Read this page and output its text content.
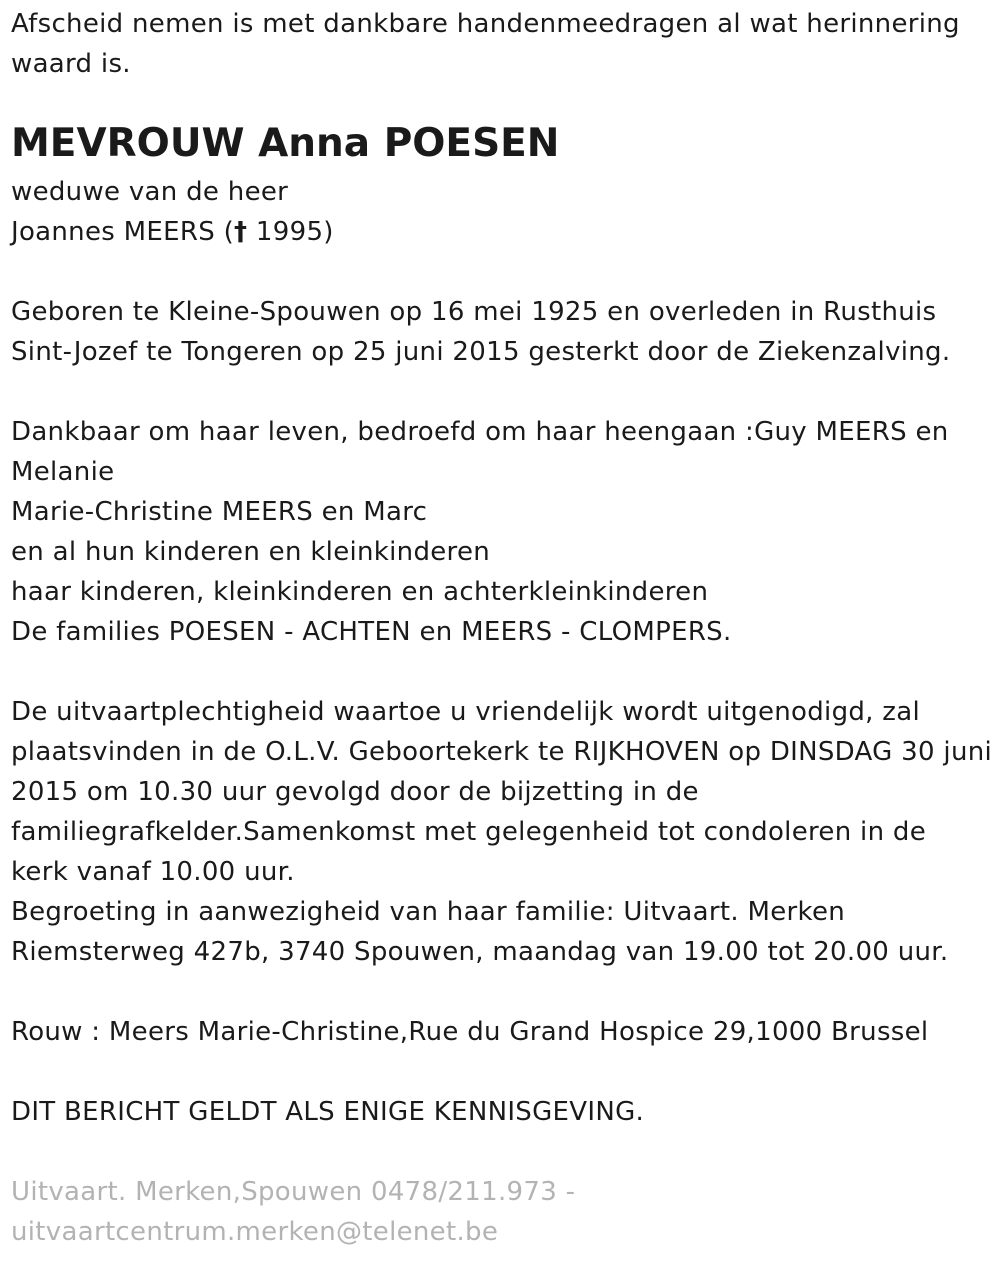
Afscheid nemen is met dankbare handenmeedragen al wat herinnering
waard is.
MEVROUW Anna POESEN
weduwe van de heer
Joannes MEERS († 1995)
Geboren te Kleine-Spouwen op 16 mei 1925 en overleden in Rusthuis
Sint-Jozef te Tongeren op 25 juni 2015 gesterkt door de Ziekenzalving.
Dankbaar om haar leven, bedroefd om haar heengaan :Guy MEERS en
Melanie
Marie-Christine MEERS en Marc
en al hun kinderen en kleinkinderen
haar kinderen, kleinkinderen en achterkleinkinderen
De families POESEN - ACHTEN en MEERS - CLOMPERS.
De uitvaartplechtigheid waartoe u vriendelijk wordt uitgenodigd, zal
plaatsvinden in de O.L.V. Geboortekerk te RIJKHOVEN op DINSDAG 30 juni
2015 om 10.30 uur gevolgd door de bijzetting in de
familiegrafkelder.Samenkomst met gelegenheid tot condoleren in de
kerk vanaf 10.00 uur.
Begroeting in aanwezigheid van haar familie: Uitvaart. Merken
Riemsterweg 427b, 3740 Spouwen, maandag van 19.00 tot 20.00 uur.
Rouw : Meers Marie-Christine,Rue du Grand Hospice 29,1000 Brussel
DIT BERICHT GELDT ALS ENIGE KENNISGEVING.
Uitvaart. Merken,Spouwen 0478/211.973 -
uitvaartcentrum.merken@telenet.be
